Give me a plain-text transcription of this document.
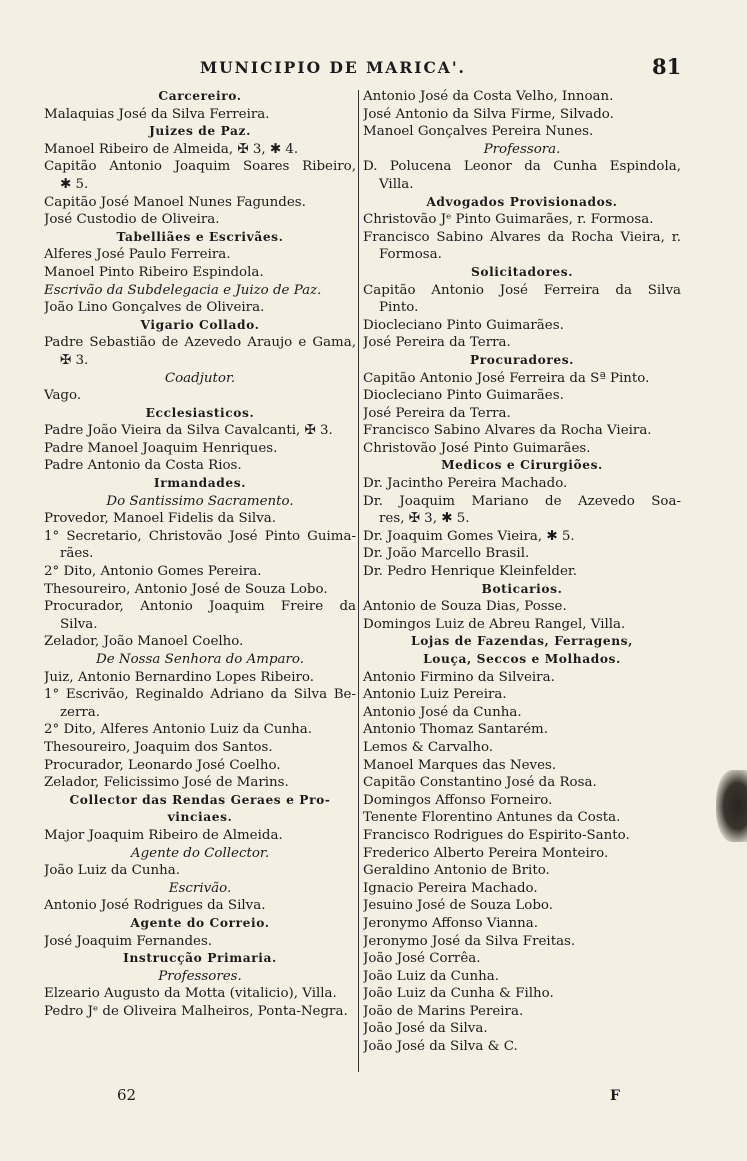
MUNICIPIO DE MARICA'.	81
Carcereiro.
Malaquias José da Silva Ferreira.
Juizes de Paz.
Manoel Ribeiro de Almeida, ✠ 3, ✱ 4.
Capitão Antonio Joaquim Soares Ribeiro,
✱ 5.
Capitão José Manoel Nunes Fagundes.
José Custodio de Oliveira.
Tabelliães e Escrivães.
Alferes José Paulo Ferreira.
Manoel Pinto Ribeiro Espindola.
Escrivão da Subdelegacia e Juizo de Paz.
João Lino Gonçalves de Oliveira.
Vigario Collado.
Padre Sebastião de Azevedo Araujo e Gama,
✠ 3.
Coadjutor.
Vago.
Ecclesiasticos.
Padre João Vieira da Silva Cavalcanti, ✠ 3.
Padre Manoel Joaquim Henriques.
Padre Antonio da Costa Rios.
Irmandades.
Do Santissimo Sacramento.
Provedor, Manoel Fidelis da Silva.
1° Secretario, Christovão José Pinto Guima-
rães.
2° Dito, Antonio Gomes Pereira.
Thesoureiro, Antonio José de Souza Lobo.
Procurador, Antonio Joaquim Freire da
Silva.
Zelador, João Manoel Coelho.
De Nossa Senhora do Amparo.
Juiz, Antonio Bernardino Lopes Ribeiro.
1° Escrivão, Reginaldo Adriano da Silva Be-
zerra.
2° Dito, Alferes Antonio Luiz da Cunha.
Thesoureiro, Joaquim dos Santos.
Procurador, Leonardo José Coelho.
Zelador, Felicissimo José de Marins.
Collector das Rendas Geraes e Pro-
vinciaes.
Major Joaquim Ribeiro de Almeida.
Agente do Collector.
João Luiz da Cunha.
Escrivão.
Antonio José Rodrigues da Silva.
Agente do Correio.
José Joaquim Fernandes.
Instrucção Primaria.
Professores.
Elzeario Augusto da Motta (vitalicio), Villa.
Pedro Jᵉ de Oliveira Malheiros, Ponta-Negra.
Antonio José da Costa Velho, Innoan.
José Antonio da Silva Firme, Silvado.
Manoel Gonçalves Pereira Nunes.
Professora.
D. Polucena Leonor da Cunha Espindola,
Villa.
Advogados Provisionados.
Christovão Jᵉ Pinto Guimarães, r. Formosa.
Francisco Sabino Alvares da Rocha Vieira, r.
Formosa.
Solicitadores.
Capitão Antonio José Ferreira da Silva
Pinto.
Diocleciano Pinto Guimarães.
José Pereira da Terra.
Procuradores.
Capitão Antonio José Ferreira da Sª Pinto.
Diocleciano Pinto Guimarães.
José Pereira da Terra.
Francisco Sabino Alvares da Rocha Vieira.
Christovão José Pinto Guimarães.
Medicos e Cirurgiões.
Dr. Jacintho Pereira Machado.
Dr. Joaquim Mariano de Azevedo Soa-
res, ✠ 3, ✱ 5.
Dr. Joaquim Gomes Vieira, ✱ 5.
Dr. João Marcello Brasil.
Dr. Pedro Henrique Kleinfelder.
Boticarios.
Antonio de Souza Dias, Posse.
Domingos Luiz de Abreu Rangel, Villa.
Lojas de Fazendas, Ferragens,
Louça, Seccos e Molhados.
Antonio Firmino da Silveira.
Antonio Luiz Pereira.
Antonio José da Cunha.
Antonio Thomaz Santarém.
Lemos & Carvalho.
Manoel Marques das Neves.
Capitão Constantino José da Rosa.
Domingos Affonso Forneiro.
Tenente Florentino Antunes da Costa.
Francisco Rodrigues do Espirito-Santo.
Frederico Alberto Pereira Monteiro.
Geraldino Antonio de Brito.
Ignacio Pereira Machado.
Jesuino José de Souza Lobo.
Jeronymo Affonso Vianna.
Jeronymo José da Silva Freitas.
João José Corrêa.
João Luiz da Cunha.
João Luiz da Cunha & Filho.
João de Marins Pereira.
João José da Silva.
João José da Silva & C.
62	F
